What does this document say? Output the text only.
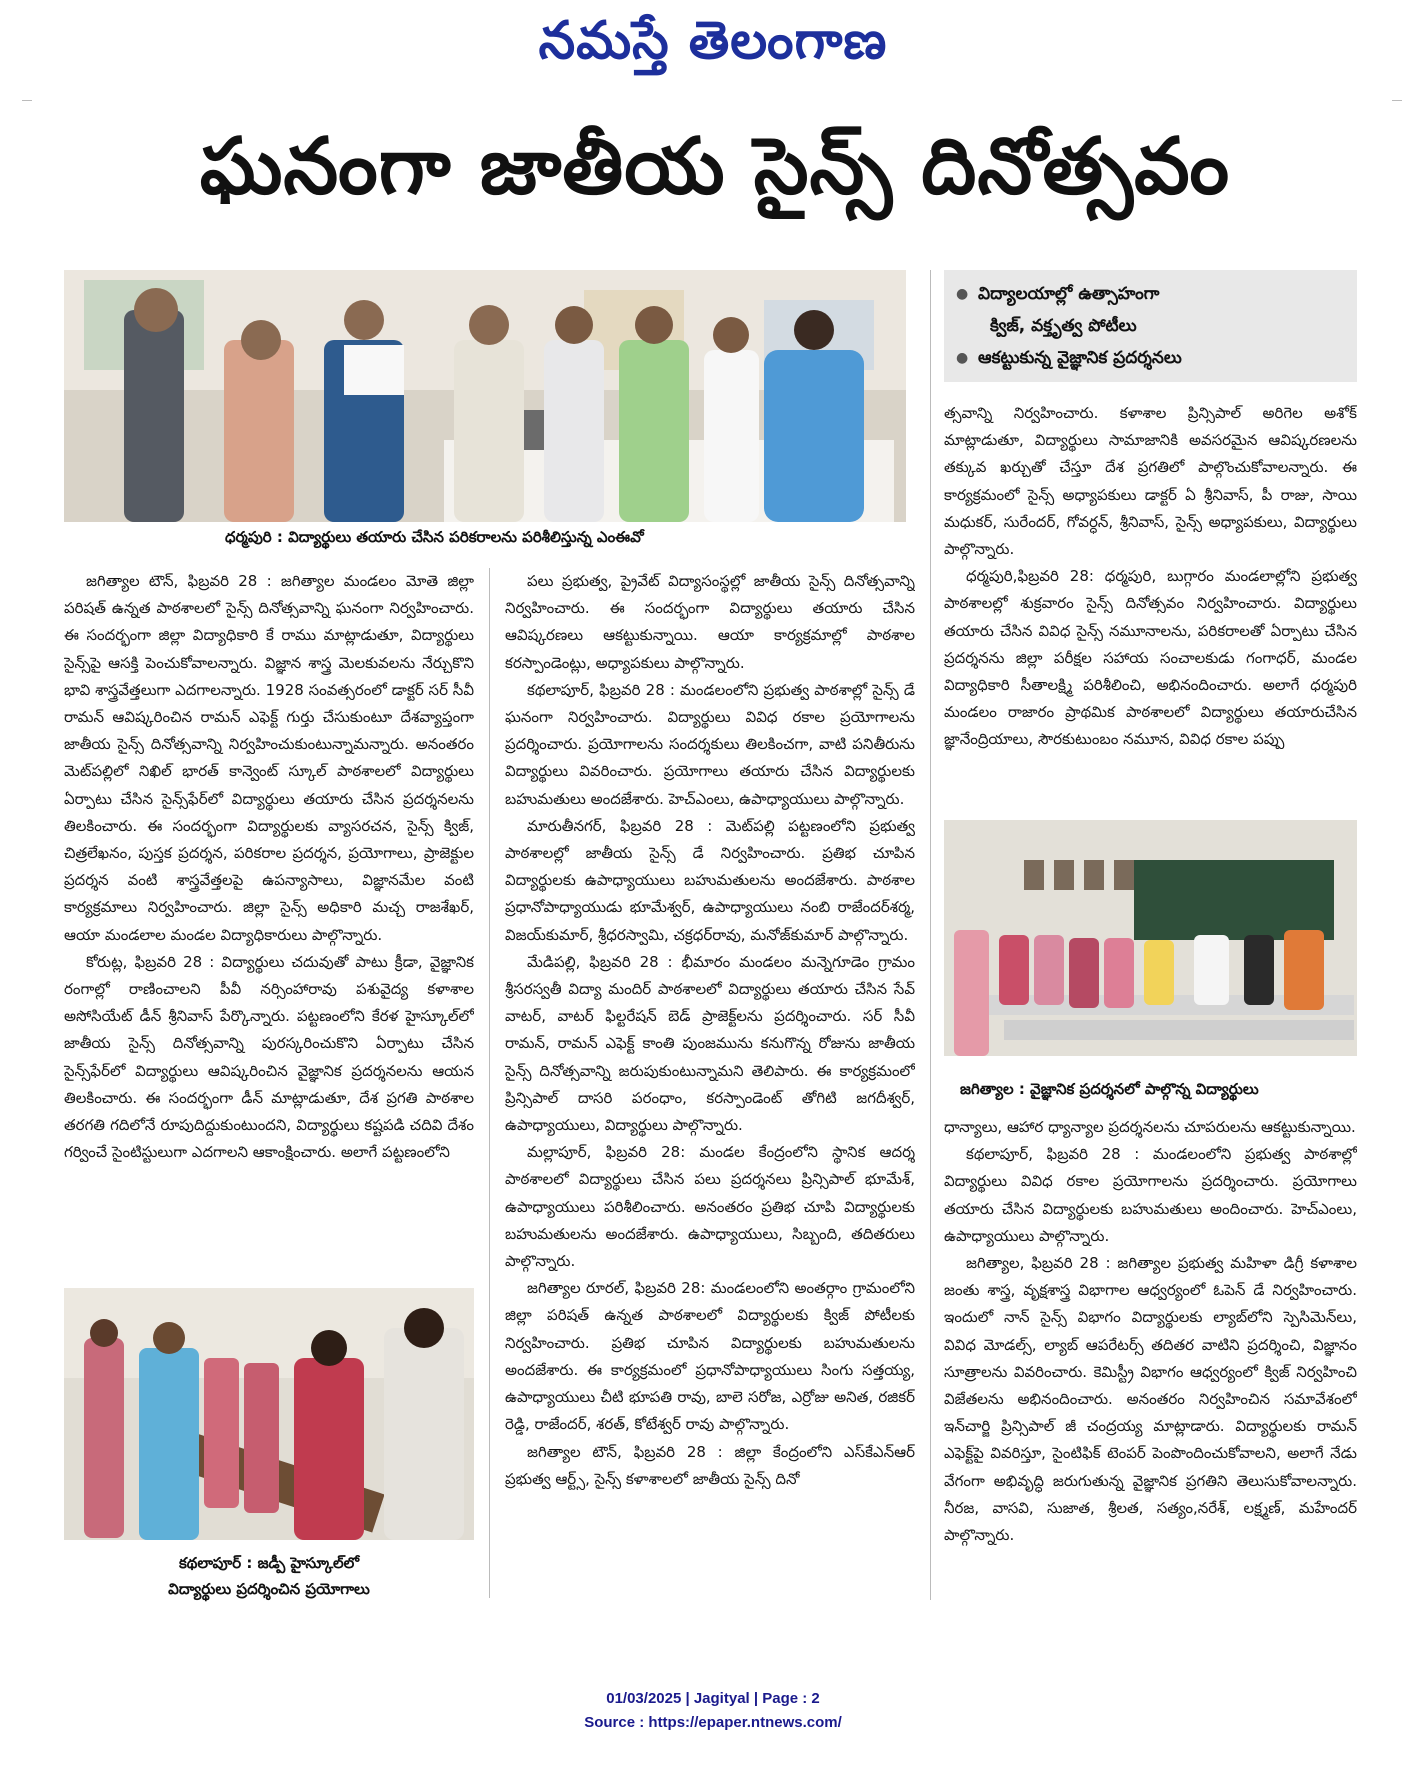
నమస్తే తెలంగాణ
ఘనంగా జాతీయ సైన్స్ దినోత్సవం
ధర్మపురి : విద్యార్థులు తయారు చేసిన పరికరాలను పరిశీలిస్తున్న ఎంఈవో
● విద్యాలయాల్లో ఉత్సాహంగా
క్విజ్, వక్తృత్వ పోటీలు
● ఆకట్టుకున్న వైజ్ఞానిక ప్రదర్శనలు

జగిత్యాల టౌన్, ఫిబ్రవరి 28 : జగిత్యాల మండలం మోతె జిల్లా పరిషత్ ఉన్నత పాఠశాలలో సైన్స్ దినోత్సవాన్ని ఘనంగా నిర్వహించారు. ఈ సందర్భంగా జిల్లా విద్యాధికారి కే రాము మాట్లాడుతూ, విద్యార్థులు సైన్స్‌పై ఆసక్తి పెంచుకోవాలన్నారు. విజ్ఞాన శాస్త్ర మెలకువలను నేర్చుకొని భావి శాస్త్రవేత్తలుగా ఎదగాలన్నారు. 1928 సంవత్సరంలో డాక్టర్ సర్ సీవీ రామన్ ఆవిష్కరించిన రామన్ ఎఫెక్ట్ గుర్తు చేసుకుంటూ దేశవ్యాప్తంగా జాతీయ సైన్స్ దినోత్సవాన్ని నిర్వహించుకుంటున్నామన్నారు. అనంతరం మెట్‌పల్లిలో నిఖిల్ భారత్ కాన్వెంట్ స్కూల్ పాఠశాలలో విద్యార్థులు ఏర్పాటు చేసిన సైన్స్‌ఫేర్‌లో విద్యార్థులు తయారు చేసిన ప్రదర్శనలను తిలకించారు. ఈ సందర్భంగా విద్యార్థులకు వ్యాసరచన, సైన్స్ క్విజ్, చిత్రలేఖనం, పుస్తక ప్రదర్శన, పరికరాల ప్రదర్శన, ప్రయోగాలు, ప్రాజెక్టుల ప్రదర్శన వంటి శాస్త్రవేత్తలపై ఉపన్యాసాలు, విజ్ఞానమేల వంటి కార్యక్రమాలు నిర్వహించారు. జిల్లా సైన్స్ అధికారి మచ్చ రాజశేఖర్, ఆయా మండలాల మండల విద్యాధికారులు పాల్గొన్నారు.

కోరుట్ల, ఫిబ్రవరి 28 : విద్యార్థులు చదువుతో పాటు క్రీడా, వైజ్ఞానిక రంగాల్లో రాణించాలని పీవీ నర్సింహారావు పశువైద్య కళాశాల అసోసియేట్ డీన్ శ్రీనివాస్ పేర్కొన్నారు. పట్టణంలోని కేరళ హైస్కూల్‌లో జాతీయ సైన్స్ దినోత్సవాన్ని పురస్కరించుకొని ఏర్పాటు చేసిన సైన్స్‌ఫేర్‌లో విద్యార్థులు ఆవిష్కరించిన వైజ్ఞానిక ప్రదర్శనలను ఆయన తిలకించారు. ఈ సందర్భంగా డీన్ మాట్లాడుతూ, దేశ ప్రగతి పాఠశాల తరగతి గదిలోనే రూపుదిద్దుకుంటుందని, విద్యార్థులు కష్టపడి చదివి దేశం గర్వించే సైంటిస్టులుగా ఎదగాలని ఆకాంక్షించారు. అలాగే పట్టణంలోని

కథలాపూర్ : జడ్పీ హైస్కూల్‌లో
విద్యార్థులు ప్రదర్శించిన ప్రయోగాలు

పలు ప్రభుత్వ, ప్రైవేట్ విద్యాసంస్థల్లో జాతీయ సైన్స్ దినోత్సవాన్ని నిర్వహించారు. ఈ సందర్భంగా విద్యార్థులు తయారు చేసిన ఆవిష్కరణలు ఆకట్టుకున్నాయి. ఆయా కార్యక్రమాల్లో పాఠశాల కరస్పాండెంట్లు, అధ్యాపకులు పాల్గొన్నారు.

కథలాపూర్, ఫిబ్రవరి 28 : మండలంలోని ప్రభుత్వ పాఠశాల్లో సైన్స్ డే ఘనంగా నిర్వహించారు. విద్యార్థులు వివిధ రకాల ప్రయోగాలను ప్రదర్శించారు. ప్రయోగాలను సందర్శకులు తిలకించగా, వాటి పనితీరును విద్యార్థులు వివరించారు. ప్రయోగాలు తయారు చేసిన విద్యార్థులకు బహుమతులు అందజేశారు. హెచ్ఎంలు, ఉపాధ్యాయులు పాల్గొన్నారు.

మారుతీనగర్, ఫిబ్రవరి 28 : మెట్‌పల్లి పట్టణంలోని ప్రభుత్వ పాఠశాలల్లో జాతీయ సైన్స్ డే నిర్వహించారు. ప్రతిభ చూపిన విద్యార్థులకు ఉపాధ్యాయులు బహుమతులను అందజేశారు. పాఠశాల ప్రధానోపాధ్యాయుడు భూమేశ్వర్, ఉపాధ్యాయులు నంబి రాజేందర్‌శర్మ, విజయ్‌కుమార్, శ్రీధరస్వామి, చక్రధర్‌రావు, మనోజ్‌కుమార్ పాల్గొన్నారు.

మేడిపల్లి, ఫిబ్రవరి 28 : భీమారం మండలం మన్నెగూడెం గ్రామం శ్రీసరస్వతీ విద్యా మందిర్ పాఠశాలలో విద్యార్థులు తయారు చేసిన సేవ్ వాటర్, వాటర్ ఫిల్టరేషన్ బెడ్ ప్రాజెక్ట్‌లను ప్రదర్శించారు. సర్ సీవీ రామన్, రామన్ ఎఫెక్ట్ కాంతి పుంజమును కనుగొన్న రోజును జాతీయ సైన్స్ దినోత్సవాన్ని జరుపుకుంటున్నామని తెలిపారు. ఈ కార్యక్రమంలో ప్రిన్సిపాల్ దాసరి పరంధాం, కరస్పాండెంట్ తోగిటి జగదీశ్వర్, ఉపాధ్యాయులు, విద్యార్థులు పాల్గొన్నారు.

మల్లాపూర్, ఫిబ్రవరి 28: మండల కేంద్రంలోని స్థానిక ఆదర్శ పాఠశాలలో విద్యార్థులు చేసిన పలు ప్రదర్శనలు ప్రిన్సిపాల్ భూమేశ్, ఉపాధ్యాయులు పరిశీలించారు. అనంతరం ప్రతిభ చూపి విద్యార్థులకు బహుమతులను అందజేశారు. ఉపాధ్యాయులు, సిబ్బంది, తదితరులు పాల్గొన్నారు.

జగిత్యాల రూరల్, ఫిబ్రవరి 28: మండలంలోని అంతర్గాం గ్రామంలోని జిల్లా పరిషత్ ఉన్నత పాఠశాలలో విద్యార్థులకు క్విజ్ పోటీలకు నిర్వహించారు. ప్రతిభ చూపిన విద్యార్థులకు బహుమతులను అందజేశారు. ఈ కార్యక్రమంలో ప్రధానోపాధ్యాయులు సింగు సత్తయ్య, ఉపాధ్యాయులు చీటి భూపతి రావు, బాలె సరోజ, ఎర్రోజు అనిత, రజికర్ రెడ్డి, రాజేందర్, శరత్, కోటేశ్వర్ రావు పాల్గొన్నారు.

జగిత్యాల టౌన్, ఫిబ్రవరి 28 : జిల్లా కేంద్రంలోని ఎస్‌కేఎన్‌ఆర్ ప్రభుత్వ ఆర్ట్స్, సైన్స్ కళాశాలలో జాతీయ సైన్స్ దినో

త్సవాన్ని నిర్వహించారు. కళాశాల ప్రిన్సిపాల్ అరిగెల అశోక్ మాట్లాడుతూ, విద్యార్థులు సామాజానికి అవసరమైన ఆవిష్కరణలను తక్కువ ఖర్చుతో చేస్తూ దేశ ప్రగతిలో పాల్గొంచుకోవాలన్నారు. ఈ కార్యక్రమంలో సైన్స్ అధ్యాపకులు డాక్టర్ ఏ శ్రీనివాస్, పీ రాజు, సాయి మధుకర్, సురేందర్, గోవర్ధన్, శ్రీనివాస్, సైన్స్ అధ్యాపకులు, విద్యార్థులు పాల్గొన్నారు.

ధర్మపురి,ఫిబ్రవరి 28: ధర్మపురి, బుగ్గారం మండలాల్లోని ప్రభుత్వ పాఠశాలల్లో శుక్రవారం సైన్స్ దినోత్సవం నిర్వహించారు. విద్యార్థులు తయారు చేసిన వివిధ సైన్స్ నమూనాలను, పరికరాలతో ఏర్పాటు చేసిన ప్రదర్శనను జిల్లా పరీక్షల సహాయ సంచాలకుడు గంగాధర్, మండల విద్యాధికారి సీతాలక్ష్మి పరిశీలించి, అభినందించారు. అలాగే ధర్మపురి మండలం రాజారం ప్రాథమిక పాఠశాలలో విద్యార్థులు తయారుచేసిన జ్ఞానేంద్రియాలు, సౌరకుటుంబం నమూన, వివిధ రకాల పప్పు

జగిత్యాల : వైజ్ఞానిక ప్రదర్శనలో పాల్గొన్న విద్యార్థులు

ధాన్యాలు, ఆహార ధ్యాన్యాల ప్రదర్శనలను చూపరులను ఆకట్టుకున్నాయి.

కథలాపూర్, ఫిబ్రవరి 28 : మండలంలోని ప్రభుత్వ పాఠశాల్లో విద్యార్థులు వివిధ రకాల ప్రయోగాలను ప్రదర్శించారు. ప్రయోగాలు తయారు చేసిన విద్యార్థులకు బహుమతులు అందించారు. హెచ్ఎంలు, ఉపాధ్యాయులు పాల్గొన్నారు.

జగిత్యాల, ఫిబ్రవరి 28 : జగిత్యాల ప్రభుత్వ మహిళా డిగ్రీ కళాశాల జంతు శాస్త్ర, వృక్షశాస్త్ర విభాగాల ఆధ్వర్యంలో ఓపెన్ డే నిర్వహించారు. ఇందులో నాన్ సైన్స్ విభాగం విద్యార్థులకు ల్యాబ్‌లోని స్పెసిమెన్‌లు, వివిధ మోడల్స్, ల్యాబ్ ఆపరేటర్స్ తదితర వాటిని ప్రదర్శించి, విజ్ఞానం సూత్రాలను వివరించారు. కెమిస్ట్రీ విభాగం ఆధ్వర్యంలో క్విజ్ నిర్వహించి విజేతలను అభినందించారు. అనంతరం నిర్వహించిన సమావేశంలో ఇన్‌చార్జి ప్రిన్సిపాల్ జీ చంద్రయ్య మాట్లాడారు. విద్యార్థులకు రామన్ ఎఫెక్ట్‌పై వివరిస్తూ, సైంటిఫిక్ టెంపర్ పెంపొందించుకోవాలని, అలాగే నేడు వేగంగా అభివృద్ధి జరుగుతున్న వైజ్ఞానిక ప్రగతిని తెలుసుకోవాలన్నారు. నీరజ, వాసవి, సుజాత, శ్రీలత, సత్యం,నరేశ్, లక్ష్మణ్, మహేందర్ పాల్గొన్నారు.

01/03/2025 | Jagityal | Page : 2
Source : https://epaper.ntnews.com/
